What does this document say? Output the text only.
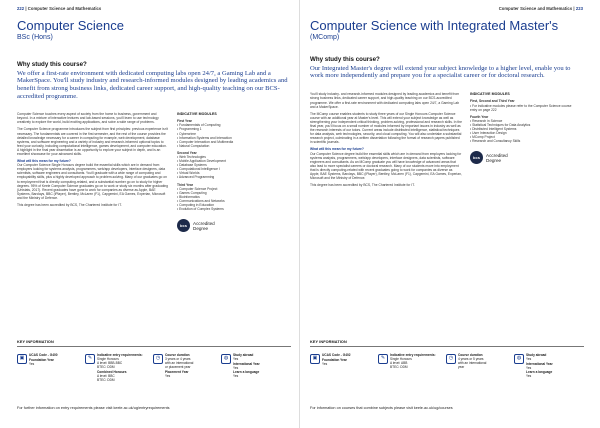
222 | Computer Science and Mathematics
Computer Science
BSc (Hons)
Why study this course?
We offer a first-rate environment with dedicated computing labs open 24/7, a Gaming Lab and a MakerSpace. You'll study industry and research-informed modules designed by leading academics and benefit from strong business links, dedicated career support, and high-quality teaching on our BCS-accredited programme.

Computer Science touches every aspect of society from the home to business, government and beyond. In a mixture of interactive lectures and lab-based sessions, you'll learn to use technology creatively to explore the world, build exciting applications, and solve a wide range of problems.

The Computer Science programme introduces the subject from first principles: previous experience isn't necessary. The fundamentals are covered in the first semester, and the rest of the course provides the detailed knowledge necessary for a career in computing for example, web development, database systems, and software engineering and a variety of industry and research-informed optional topics to feed your curiosity, including computational intelligence, games development, and computer education. A highlight in the final year dissertation is an opportunity to explore your subject in depth, and is an excellent showcase for your advanced skills.

What will this mean for my future?

Our Computer Science Single Honours degree build the essential skills which are in demand from employers looking for systems analysts, programmers, web/app developers, interface designers, data scientists, software engineers and consultants. You'll graduate with a wide range of computing and employability skills, plus a highly developed approach to problem-solving. Many of our graduates go on to employment that is directly computing-related, and a substantial number go on to study for higher degrees. 95% of Keele Computer Science graduates go on to work or study six months after graduating (Unistats, 2017). Recent graduates have gone to work for companies as diverse as Apple, BAE Systems, Barclays, BBC (iPlayer), Bentley, McLaren (F1), Capgemini, EA Games, Experian, Microsoft and the Ministry of Defence.

This degree has been accredited by BCS, The Chartered Institute for IT.

INDICATIVE MODULES
First Year
• Fundamentals of Computing
• Programming 1
• Cybercrime
• Information Systems and Interaction
• Computer Interaction and Multimedia
• Natural Computation
Second Year
• Web Technologies
• Mobile Application Development
• Database Systems
• Computational Intelligence I
• Virtual Worlds
• Advanced Programming
Third Year
• Computer Science Project
• Games Computing
• Bioinformatics
• Communications and Networks
• Computing in Education
• Evolution of Complex Systems
bcs	Accredited
Degree
KEY INFORMATION
▣
UCAS Code - G400
Foundation Year
Yes
✎
Indicative entry requirements:
Single Honours
A level: BBB-BBC
BTEC: DDM
Combined Honours
A level: BBC
BTEC: DDM
◷
Course duration
3 years or 4 years
with an international
or placement year
Placement Year
Yes
◍
Study abroad
Yes
International Year
Yes
Learn a language
Yes
For further information on entry requirements please visit keele.ac.uk/ug/entryrequirements
Computer Science and Mathematics | 223
Computer Science with Integrated Master's
(MComp)
Why study this course?
Our Integrated Master's degree will extend your subject knowledge to a higher level, enable you to work more independently and prepare you for a specialist career or for doctoral research.

You'll study industry- and research-informed modules designed by leading academics and benefit from strong business links, dedicated career support, and high-quality teaching on our BCS-accredited programme. We offer a first-rate environment with dedicated computing labs open 24/7, a Gaming Lab and a MakerSpace.

The MComp course enables students to study three years of our Single Honours Computer Science course with an additional year at Master's level. This will extend your subject knowledge as well as strengthening your independent critical thinking, problem-solving, professional and research skills. In the final year, you'll focus on a small number of modules informed by important issues in industry as well as the research interests of our tutors. Current areas include distributed intelligence, statistical techniques for data analysis, web technologies, security, and cloud computing. You will also undertake a substantial research project, culminating in a written dissertation following the format of research papers published in scientific journals.

What will this mean for my future?

Our Computer Science degree build the essential skills which are in demand from employers looking for systems analysts, programmers, web/app developers, interface designers, data scientists, software engineers and consultants. As an MComp graduate you will have knowledge of advanced areas that also lead to more specialist careers or doctoral research. Many of our students move into employment that is directly computing-related with recent graduates going to work for companies as diverse as Apple, BAE Systems, Barclays, BBC (iPlayer), Bentley, McLaren (F1), Capgemini, EA Games, Experian, Microsoft and the Ministry of Defence.

This degree has been accredited by BCS, The Chartered Institute for IT.

INDICATIVE MODULES
First, Second and Third Year
• For indicative modules please refer to the Computer Science course entry on page 222
Fourth Year
• Research in Science
• Statistical Techniques for Data Analytics
• Distributed Intelligent Systems
• User Interaction Design
• MComp Project
• Research and Consultancy Skills
bcs	Accredited
Degree
KEY INFORMATION
▣
UCAS Code - G402
Foundation Year
Yes
✎
Indicative entry requirements:
Single Honours
A level: ABB
BTEC: DDM
◷
Course duration
4 years or 5 years
with an international
year
◍
Study abroad
Yes
International Year
Yes
Learn a language
Yes
For information on courses that combine subjects please visit keele.ac.uk/ug/courses
